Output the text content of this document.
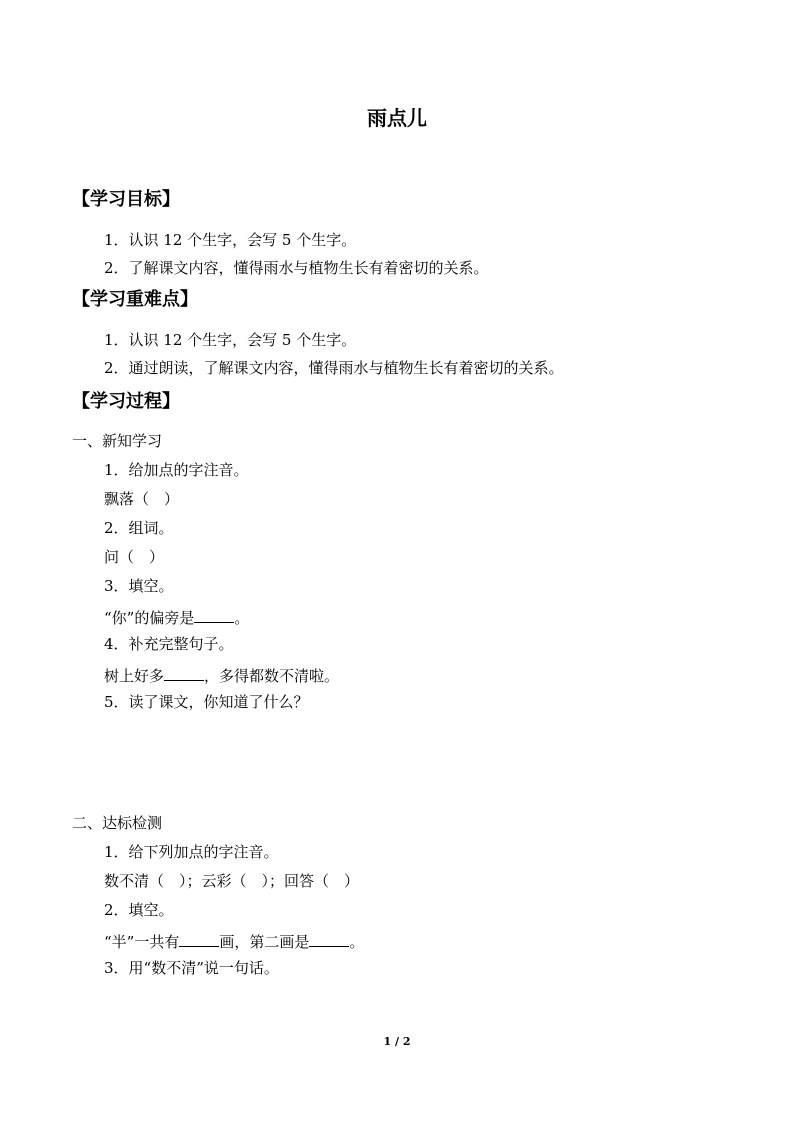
雨点儿
【学习目标】
1．认识 12 个生字，会写 5 个生字。
2．了解课文内容，懂得雨水与植物生长有着密切的关系。
【学习重难点】
1．认识 12 个生字，会写 5 个生字。
2．通过朗读，了解课文内容，懂得雨水与植物生长有着密切的关系。
【学习过程】
一、新知学习
1．给加点的字注音。
飘落（　）
2．组词。
问（　）
3．填空。
“你”的偏旁是	。
4．补充完整句子。
树上好多	，多得都数不清啦。
5．读了课文，你知道了什么？
二、达标检测
1．给下列加点的字注音。
数不清（　）；云彩（　）；回答（　）
2．填空。
“半”一共有	画，第二画是	。
3．用“数不清”说一句话。
1 / 2
